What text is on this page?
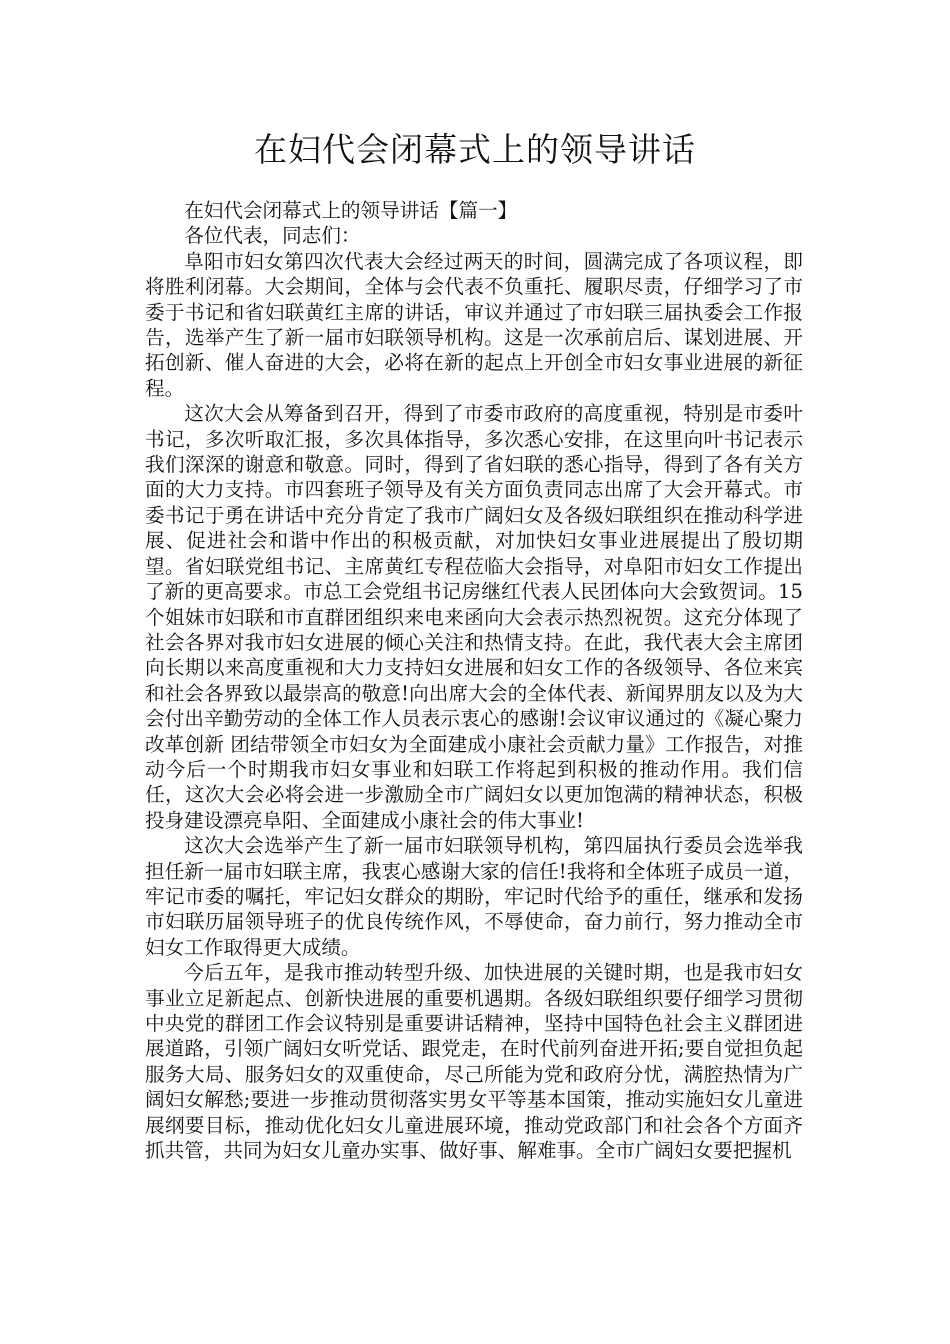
在妇代会闭幕式上的领导讲话

在妇代会闭幕式上的领导讲话【篇一】

各位代表，同志们：

阜阳市妇女第四次代表大会经过两天的时间，圆满完成了各项议程，即将胜利闭幕。大会期间，全体与会代表不负重托、履职尽责，仔细学习了市委于书记和省妇联黄红主席的讲话，审议并通过了市妇联三届执委会工作报告，选举产生了新一届市妇联领导机构。这是一次承前启后、谋划进展、开拓创新、催人奋进的大会，必将在新的起点上开创全市妇女事业进展的新征程。

这次大会从筹备到召开，得到了市委市政府的高度重视，特别是市委叶书记，多次听取汇报，多次具体指导，多次悉心安排，在这里向叶书记表示我们深深的谢意和敬意。同时，得到了省妇联的悉心指导，得到了各有关方面的大力支持。市四套班子领导及有关方面负责同志出席了大会开幕式。市委书记于勇在讲话中充分肯定了我市广阔妇女及各级妇联组织在推动科学进展、促进社会和谐中作出的积极贡献，对加快妇女事业进展提出了殷切期望。省妇联党组书记、主席黄红专程莅临大会指导，对阜阳市妇女工作提出了新的更高要求。市总工会党组书记房继红代表人民团体向大会致贺词。15个姐妹市妇联和市直群团组织来电来函向大会表示热烈祝贺。这充分体现了社会各界对我市妇女进展的倾心关注和热情支持。在此，我代表大会主席团向长期以来高度重视和大力支持妇女进展和妇女工作的各级领导、各位来宾和社会各界致以最崇高的敬意!向出席大会的全体代表、新闻界朋友以及为大会付出辛勤劳动的全体工作人员表示衷心的感谢!会议审议通过的《凝心聚力 改革创新 团结带领全市妇女为全面建成小康社会贡献力量》工作报告，对推动今后一个时期我市妇女事业和妇联工作将起到积极的推动作用。我们信任，这次大会必将会进一步激励全市广阔妇女以更加饱满的精神状态，积极投身建设漂亮阜阳、全面建成小康社会的伟大事业!

这次大会选举产生了新一届市妇联领导机构，第四届执行委员会选举我担任新一届市妇联主席，我衷心感谢大家的信任!我将和全体班子成员一道，牢记市委的嘱托，牢记妇女群众的期盼，牢记时代给予的重任，继承和发扬市妇联历届领导班子的优良传统作风，不辱使命，奋力前行，努力推动全市妇女工作取得更大成绩。

今后五年，是我市推动转型升级、加快进展的关键时期，也是我市妇女事业立足新起点、创新快进展的重要机遇期。各级妇联组织要仔细学习贯彻中央党的群团工作会议特别是重要讲话精神，坚持中国特色社会主义群团进展道路，引领广阔妇女听党话、跟党走，在时代前列奋进开拓;要自觉担负起服务大局、服务妇女的双重使命，尽己所能为党和政府分忧，满腔热情为广阔妇女解愁;要进一步推动贯彻落实男女平等基本国策，推动实施妇女儿童进展纲要目标，推动优化妇女儿童进展环境，推动党政部门和社会各个方面齐抓共管，共同为妇女儿童办实事、做好事、解难事。全市广阔妇女要把握机
